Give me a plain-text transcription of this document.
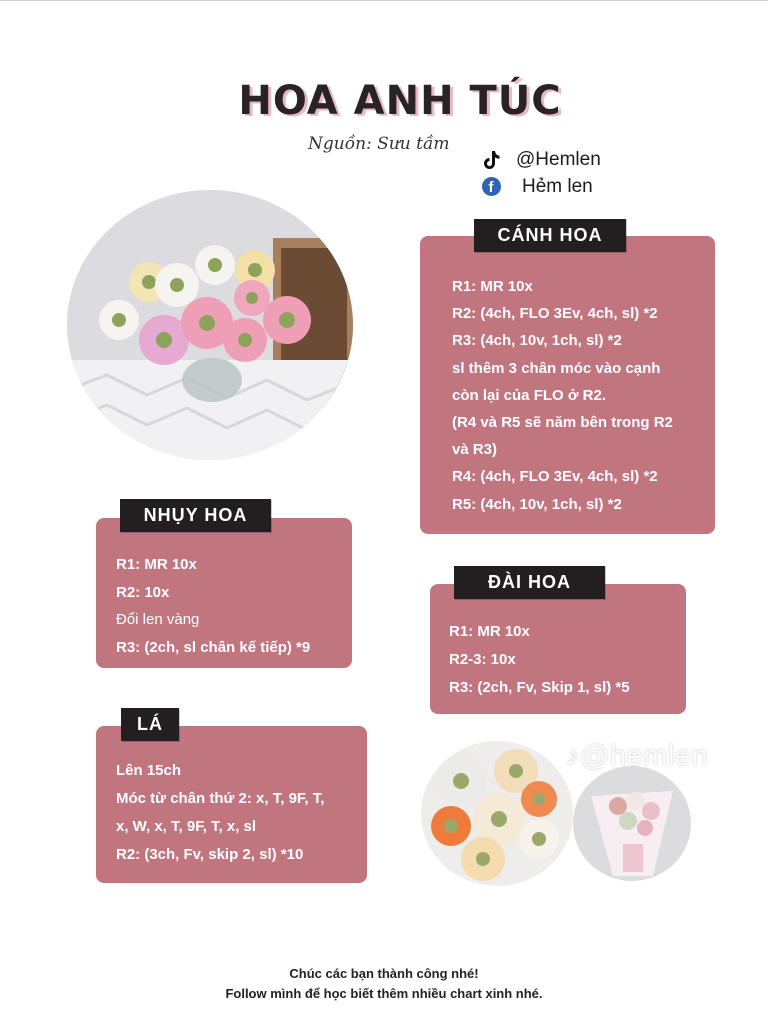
HOA ANH TÚC
Nguồn: Sưu tầm
@Hemlen
f	Hẻm len
CÁNH HOA
R1: MR 10x
R2: (4ch, FLO 3Ev, 4ch, sl) *2
R3: (4ch, 10v, 1ch, sl) *2
sl thêm 3 chân móc vào cạnh
còn lại của FLO ở R2.
(R4 và R5 sẽ năm bên trong R2
và R3)
R4: (4ch, FLO 3Ev, 4ch, sl) *2
R5: (4ch, 10v, 1ch, sl) *2
NHỤY HOA
R1: MR 10x
R2: 10x
Đổi len vàng
R3: (2ch, sl chân kế tiếp) *9
ĐÀI HOA
R1: MR 10x
R2-3: 10x
R3: (2ch, Fv, Skip 1, sl) *5
LÁ
Lên 15ch
Móc từ chân thứ 2: x, T, 9F, T,
x, W, x, T, 9F, T, x, sl
R2: (3ch, Fv, skip 2, sl) *10
♪@hemlen
Chúc các bạn thành công nhé!
Follow mình để học biết thêm nhiều chart xinh nhé.
